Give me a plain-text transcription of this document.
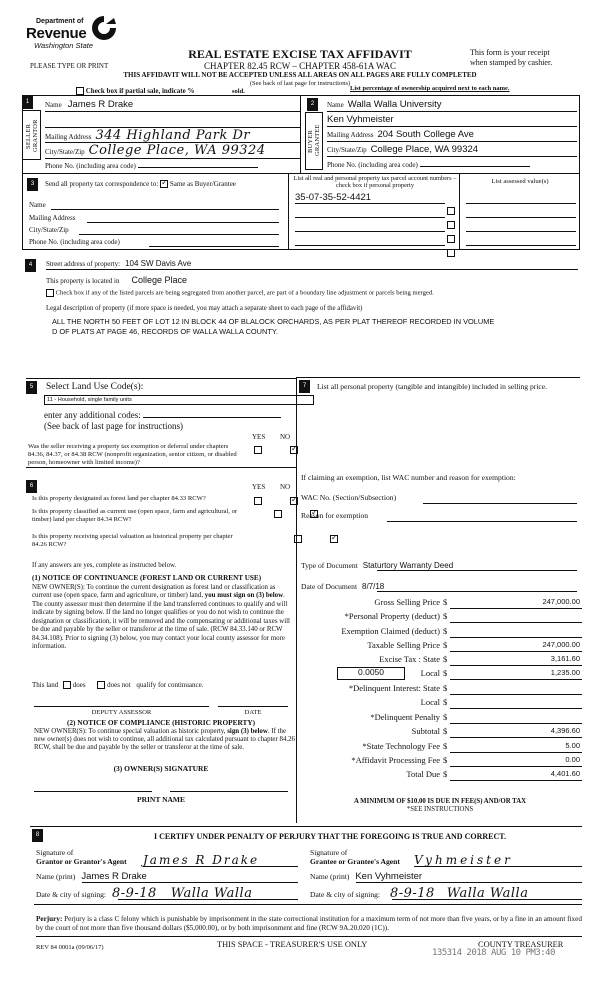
Department of
Revenue
Washington State
PLEASE TYPE OR PRINT
REAL ESTATE EXCISE TAX AFFIDAVIT
CHAPTER 82.45 RCW – CHAPTER 458-61A WAC
This form is your receipt
when stamped by cashier.
THIS AFFIDAVIT WILL NOT BE ACCEPTED UNLESS ALL AREAS ON ALL PAGES ARE FULLY COMPLETED
(See back of last page for instructions)
Check box if partial sale, indicate %	sold.	List percentage of ownership acquired next to each name.
1
SELLER GRANTOR
Name James R Drake
Mailing Address 344 Highland Park Dr
City/State/Zip College Place, WA 99324
Phone No. (including area code)
2
BUYER GRANTEE
Name Walla Walla University
Ken Vyhmeister
Mailing Address 204 South College Ave
City/State/Zip College Place, WA 99324
Phone No. (including area code)
3	Send all property tax correspondence to: ✓ Same as Buyer/Grantee
Name
Mailing Address
City/State/Zip
Phone No. (including area code)
List all real and personal property tax parcel account numbers – check box if personal property
35-07-35-52-4421
List assessed value(s)
4	Street address of property: 104 SW Davis Ave
This property is located in College Place
Check box if any of the listed parcels are being segregated from another parcel, are part of a boundary line adjustment or parcels being merged.
Legal description of property (if more space is needed, you may attach a separate sheet to each page of the affidavit)
ALL THE NORTH 50 FEET OF LOT 12 IN BLOCK 44 OF BLALOCK ORCHARDS, AS PER PLAT THEREOF RECORDED IN VOLUME
D OF PLATS AT PAGE 46, RECORDS OF WALLA WALLA COUNTY.
5	Select Land Use Code(s):
11 - Household, single family units
enter any additional codes:
(See back of last page for instructions)
YES NO
Was the seller receiving a property tax exemption or deferral under chapters 84.36, 84.37, or 84.38 RCW (nonprofit organization, senior citizen, or disabled person, homeowner with limited income)?
✓
6	YES NO
Is this property designated as forest land per chapter 84.33 RCW?
✓
Is this property classified as current use (open space, farm and agricultural, or timber) land per chapter 84.34 RCW?
✓
Is this property receiving special valuation as historical property per chapter 84.26 RCW?
✓
If any answers are yes, complete as instructed below.
(1) NOTICE OF CONTINUANCE (FOREST LAND OR CURRENT USE)
NEW OWNER(S): To continue the current designation as forest land or classification as current use (open space, farm and agriculture, or timber) land, you must sign on (3) below. The county assessor must then determine if the land transferred continues to qualify and will indicate by signing below. If the land no longer qualifies or you do not wish to continue the designation or classification, it will be removed and the compensating or additional taxes will be due and payable by the seller or transferor at the time of sale. (RCW 84.33.140 or RCW 84.34.108). Prior to signing (3) below, you may contact your local county assessor for more information.
This land does	does not qualify for continuance.
DEPUTY ASSESSOR	DATE
(2) NOTICE OF COMPLIANCE (HISTORIC PROPERTY)
NEW OWNER(S): To continue special valuation as historic property, sign (3) below. If the new owner(s) does not wish to continue, all additional tax calculated pursuant to chapter 84.26 RCW, shall be due and payable by the seller or transferor at the time of sale.
(3) OWNER(S) SIGNATURE
PRINT NAME
7	List all personal property (tangible and intangible) included in selling price.
If claiming an exemption, list WAC number and reason for exemption:
WAC No. (Section/Subsection)
Reason for exemption
Type of Document Staturtory Warranty Deed
Date of Document 8/7/18
Gross Selling Price $	247,000.00
*Personal Property (deduct) $
Exemption Claimed (deduct) $
Taxable Selling Price $	247,000.00
Excise Tax : State $	3,161.60
0.0050	Local $	1,235.00
*Delinquent Interest: State $
Local $
*Delinquent Penalty $
Subtotal $	4,396.60
*State Technology Fee $	5.00
*Affidavit Processing Fee $	0.00
Total Due $	4,401.60
A MINIMUM OF $10.00 IS DUE IN FEE(S) AND/OR TAX
*SEE INSTRUCTIONS
8	I CERTIFY UNDER PENALTY OF PERJURY THAT THE FOREGOING IS TRUE AND CORRECT.
Signature of
Grantor or Grantor's Agent James R Drake
Name (print) James R Drake
Date & city of signing: 8-9-18 Walla Walla
Signature of
Grantee or Grantee's Agent Vyhmeister
Name (print) Ken Vyhmeister
Date & city of signing: 8-9-18 Walla Walla
Perjury: Perjury is a class C felony which is punishable by imprisonment in the state correctional institution for a maximum term of not more than five years, or by a fine in an amount fixed by the court of not more than five thousand dollars ($5,000.00), or by both imprisonment and fine (RCW 9A.20.020 (1C)).
REV 84 0001a (09/06/17)	THIS SPACE - TREASURER'S USE ONLY	COUNTY TREASURER
135314 2018 AUG 10 PM3:40
